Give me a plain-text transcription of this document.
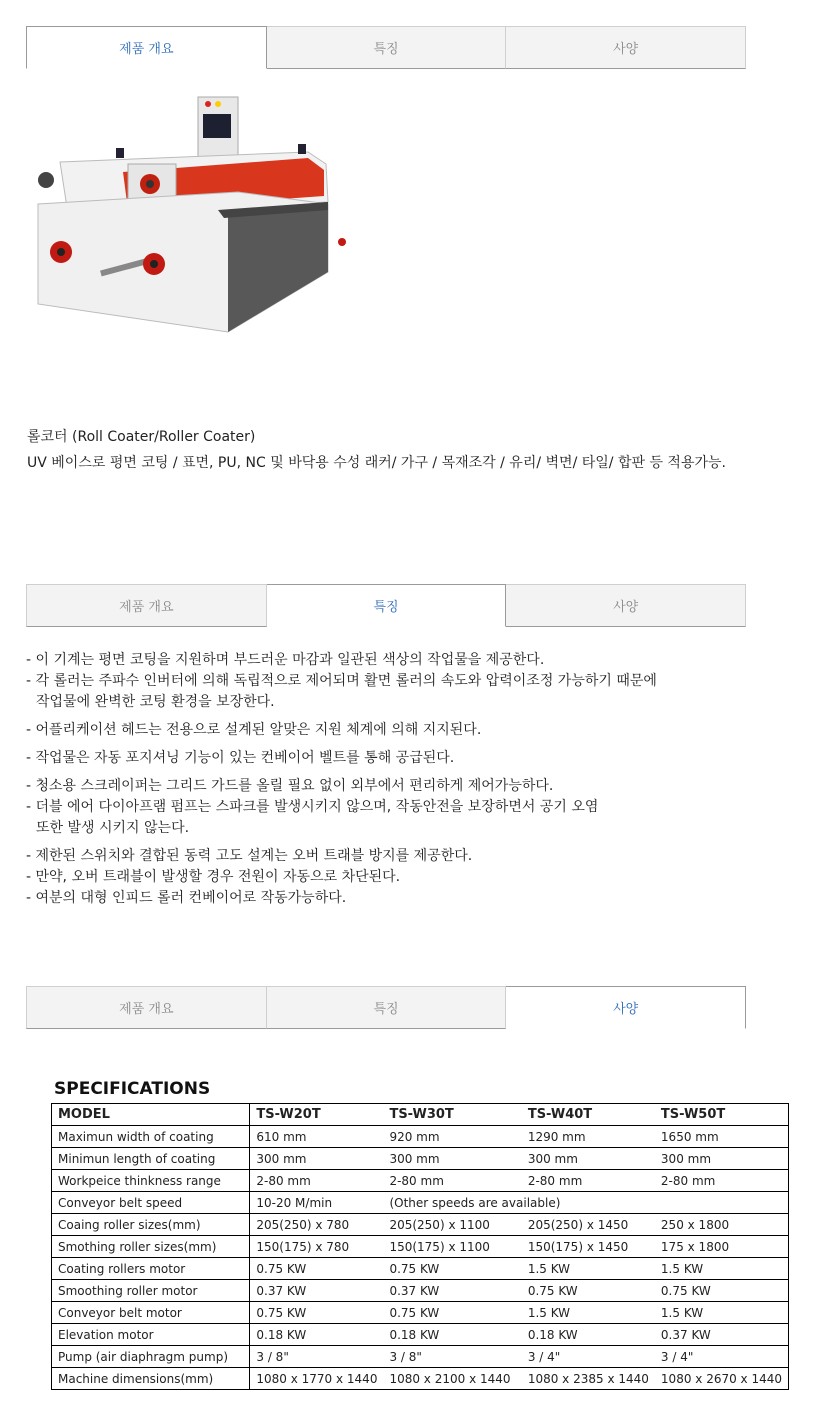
제품 개요	특징	사양
롤코터 (Roll Coater/Roller Coater)
UV 베이스로 평면 코팅 / 표면, PU, NC 및 바닥용 수성 래커/ 가구 / 목재조각 / 유리/ 벽면/ 타일/ 합판 등 적용가능.
제품 개요	특징	사양
- 이 기계는 평면 코팅을 지원하며 부드러운 마감과 일관된 색상의 작업물을 제공한다.
- 각 롤러는 주파수 인버터에 의해 독립적으로 제어되며 활면 롤러의 속도와 압력이조정 가능하기 때문에
작업물에 완벽한 코팅 환경을 보장한다.
- 어플리케이션 헤드는 전용으로 설계된 알맞은 지원 체계에 의해 지지된다.
- 작업물은 자동 포지셔닝 기능이 있는 컨베이어 벨트를 통해 공급된다.
- 청소용 스크레이퍼는 그리드 가드를 올릴 필요 없이 외부에서 편리하게 제어가능하다.
- 더블 에어 다이아프램 펌프는 스파크를 발생시키지 않으며, 작동안전을 보장하면서 공기 오염
또한 발생 시키지 않는다.
- 제한된 스위치와 결합된 동력 고도 설계는 오버 트래블 방지를 제공한다.
- 만약, 오버 트래블이 발생할 경우 전원이 자동으로 차단된다.
- 여분의 대형 인피드 롤러 컨베이어로 작동가능하다.
제품 개요	특징	사양
SPECIFICATIONS
MODEL	TS-W20T	TS-W30T	TS-W40T	TS-W50T
Maximun width of coating	610 mm	920 mm	1290 mm	1650 mm
Minimun length of coating	300 mm	300 mm	300 mm	300 mm
Workpeice thinkness range	2-80 mm	2-80 mm	2-80 mm	2-80 mm
Conveyor belt speed	10-20 M/min	(Other speeds are available)		
Coaing roller sizes(mm)	205(250) x 780	205(250) x 1100	205(250) x 1450	250 x 1800
Smothing roller sizes(mm)	150(175) x 780	150(175) x 1100	150(175) x 1450	175 x 1800
Coating rollers motor	0.75 KW	0.75 KW	1.5 KW	1.5 KW
Smoothing roller motor	0.37 KW	0.37 KW	0.75 KW	0.75 KW
Conveyor belt motor	0.75 KW	0.75 KW	1.5 KW	1.5 KW
Elevation motor	0.18 KW	0.18 KW	0.18 KW	0.37 KW
Pump (air diaphragm pump)	3 / 8"	3 / 8"	3 / 4"	3 / 4"
Machine dimensions(mm)	1080 x 1770 x 1440	1080 x 2100 x 1440	1080 x 2385 x 1440	1080 x 2670 x 1440
